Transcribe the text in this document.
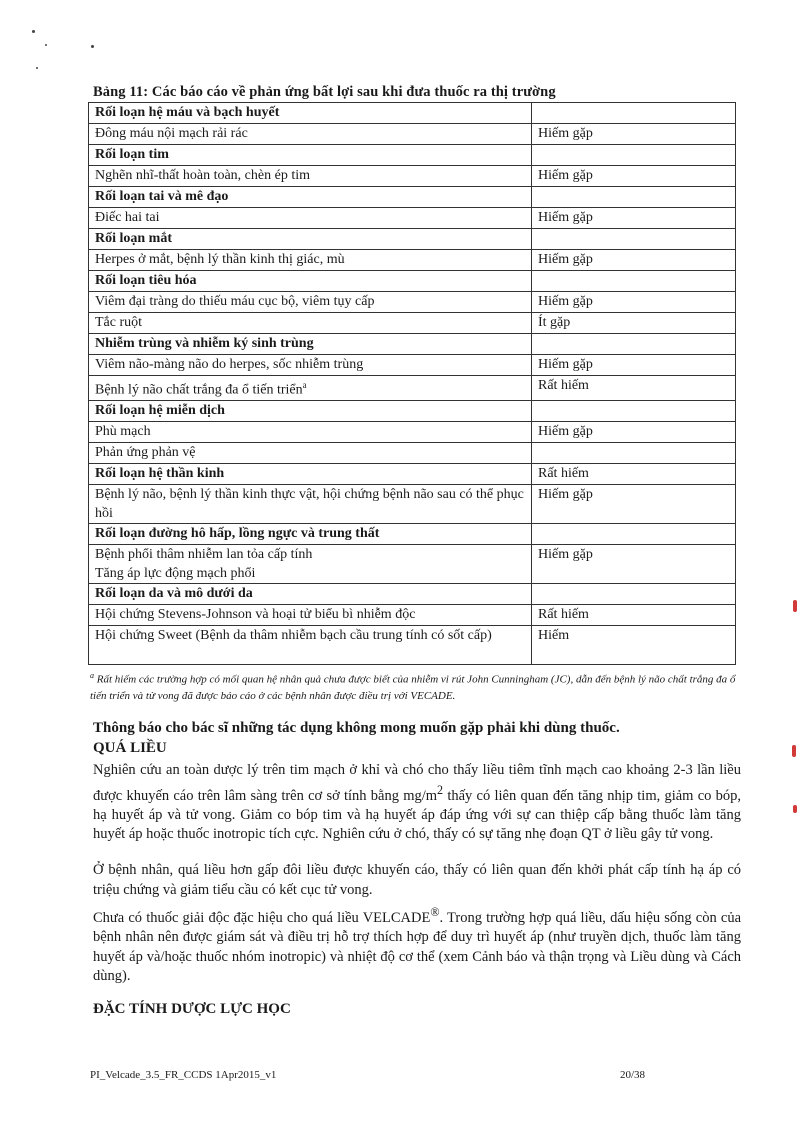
Bảng 11: Các báo cáo về phản ứng bất lợi sau khi đưa thuốc ra thị trường
Rối loạn hệ máu và bạch huyết	
Đông máu nội mạch rải rác	Hiếm gặp
Rối loạn tim	
Nghẽn nhĩ-thất hoàn toàn, chèn ép tim	Hiếm gặp
Rối loạn tai và mê đạo	
Điếc hai tai	Hiếm gặp
Rối loạn mắt	
Herpes ở mắt, bệnh lý thần kinh thị giác, mù	Hiếm gặp
Rối loạn tiêu hóa	
Viêm đại tràng do thiếu máu cục bộ, viêm tụy cấp	Hiếm gặp
Tắc ruột	Ít gặp
Nhiễm trùng và nhiễm ký sinh trùng	
Viêm não-màng não do herpes, sốc nhiễm trùng	Hiếm gặp
Bệnh lý não chất trắng đa ổ tiến triển$^a$	Rất hiếm
Rối loạn hệ miễn dịch	
Phù mạch	Hiếm gặp
Phản ứng phản vệ	
Rối loạn hệ thần kinh	Rất hiếm
Bệnh lý não, bệnh lý thần kinh thực vật, hội chứng bệnh não sau có thể phục hồi	Hiếm gặp
Rối loạn đường hô hấp, lồng ngực và trung thất	
Bệnh phổi thâm nhiễm lan tỏa cấp tính
Tăng áp lực động mạch phổi	Hiếm gặp
Rối loạn da và mô dưới da	
Hội chứng Stevens-Johnson và hoại tử biểu bì nhiễm độc	Rất hiếm
Hội chứng Sweet (Bệnh da thâm nhiễm bạch cầu trung tính có sốt cấp)	Hiếm
$^a$ Rất hiếm các trường hợp có mối quan hệ nhân quả chưa được biết của nhiễm vi rút John Cunningham (JC), dẫn đến bệnh lý não chất trắng đa ổ tiến triển và tử vong đã được báo cáo ở các bệnh nhân được điều trị với VECADE.
Thông báo cho bác sĩ những tác dụng không mong muốn gặp phải khi dùng thuốc.
QUÁ LIỀU
Nghiên cứu an toàn dược lý trên tim mạch ở khỉ và chó cho thấy liều tiêm tĩnh mạch cao khoảng 2-3 lần liều được khuyến cáo trên lâm sàng trên cơ sở tính bằng $mg/m^2$ thấy có liên quan đến tăng nhịp tim, giảm co bóp, hạ huyết áp và tử vong. Giảm co bóp tim và hạ huyết áp đáp ứng với sự can thiệp cấp bằng thuốc làm tăng huyết áp hoặc thuốc inotropic tích cực. Nghiên cứu ở chó, thấy có sự tăng nhẹ đoạn QT ở liều gây tử vong.
Ở bệnh nhân, quá liều hơn gấp đôi liều được khuyến cáo, thấy có liên quan đến khởi phát cấp tính hạ áp có triệu chứng và giảm tiểu cầu có kết cục tử vong.
Chưa có thuốc giải độc đặc hiệu cho quá liều VELCADE®. Trong trường hợp quá liều, dấu hiệu sống còn của bệnh nhân nên được giám sát và điều trị hỗ trợ thích hợp để duy trì huyết áp (như truyền dịch, thuốc làm tăng huyết áp và/hoặc thuốc nhóm inotropic) và nhiệt độ cơ thể (xem Cảnh báo và thận trọng và Liều dùng và Cách dùng).
ĐẶC TÍNH DƯỢC LỰC HỌC
PI_Velcade_3.5_FR_CCDS 1Apr2015_v1	20/38
